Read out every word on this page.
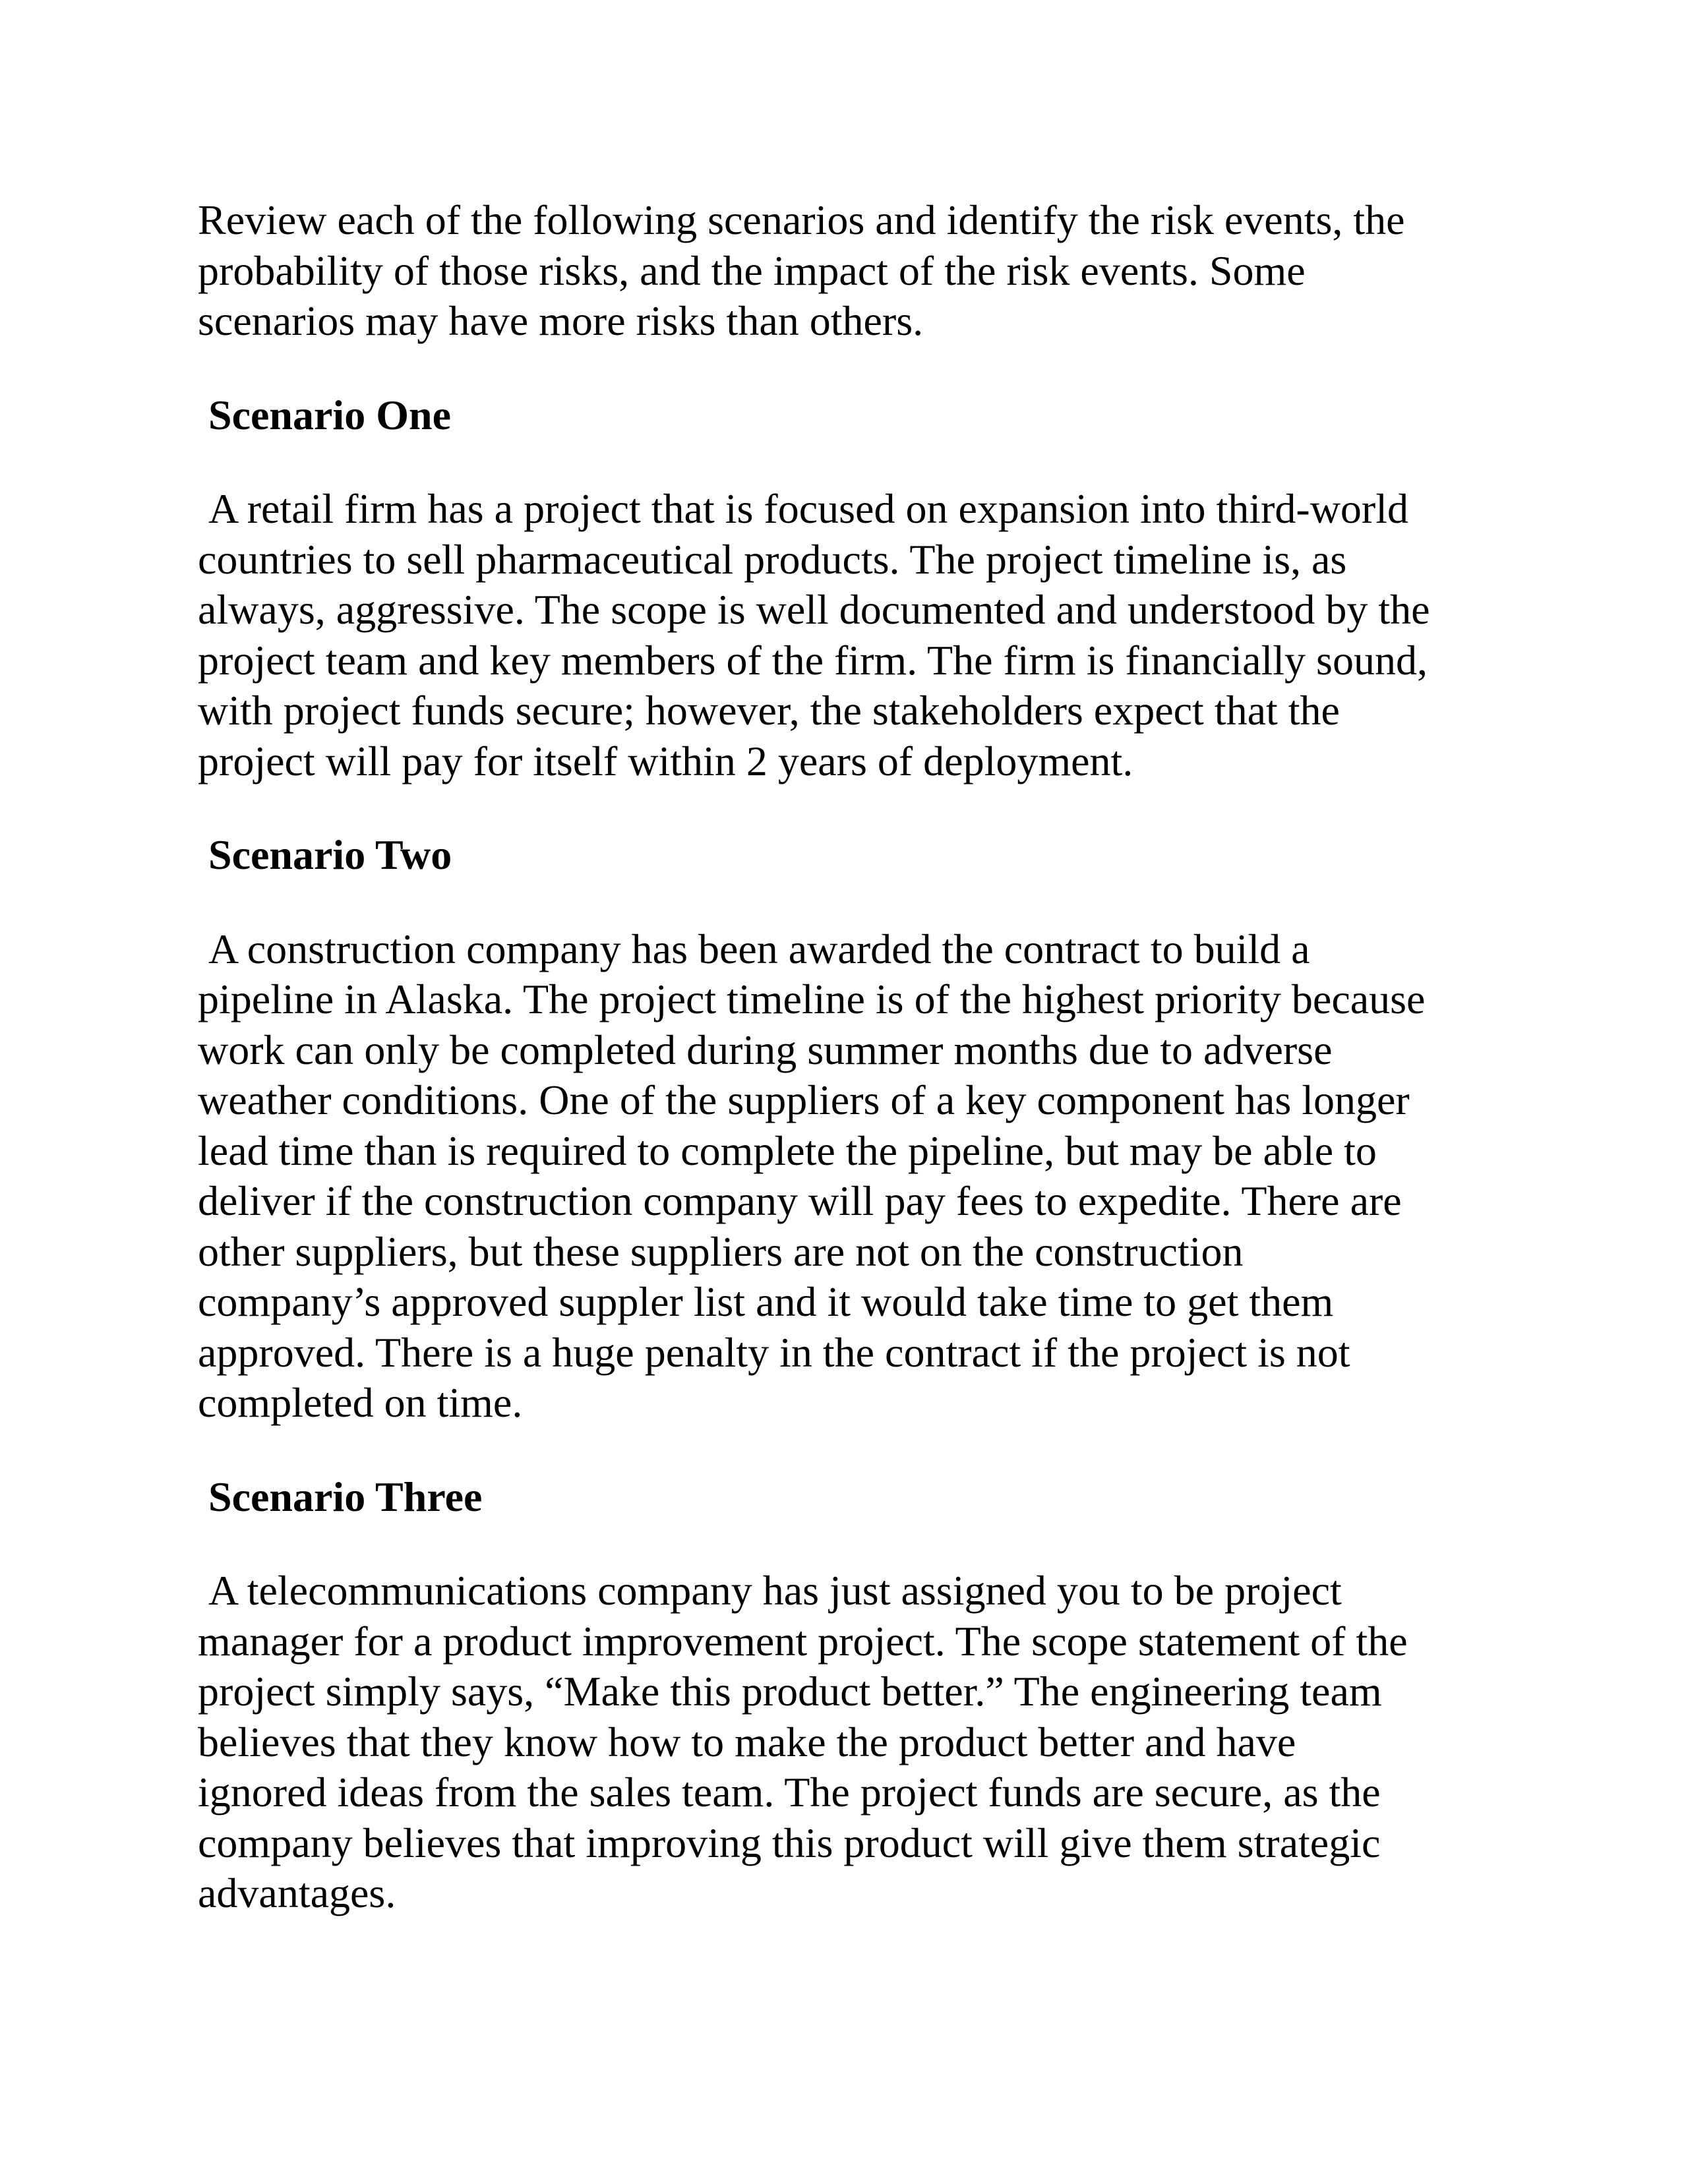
Review each of the following scenarios and identify the risk events, the
probability of those risks, and the impact of the risk events. Some
scenarios may have more risks than others.
Scenario One
A retail firm has a project that is focused on expansion into third-world
countries to sell pharmaceutical products. The project timeline is, as
always, aggressive. The scope is well documented and understood by the
project team and key members of the firm. The firm is financially sound,
with project funds secure; however, the stakeholders expect that the
project will pay for itself within 2 years of deployment.
Scenario Two
A construction company has been awarded the contract to build a
pipeline in Alaska. The project timeline is of the highest priority because
work can only be completed during summer months due to adverse
weather conditions. One of the suppliers of a key component has longer
lead time than is required to complete the pipeline, but may be able to
deliver if the construction company will pay fees to expedite. There are
other suppliers, but these suppliers are not on the construction
company’s approved suppler list and it would take time to get them
approved. There is a huge penalty in the contract if the project is not
completed on time.
Scenario Three
A telecommunications company has just assigned you to be project
manager for a product improvement project. The scope statement of the
project simply says, “Make this product better.” The engineering team
believes that they know how to make the product better and have
ignored ideas from the sales team. The project funds are secure, as the
company believes that improving this product will give them strategic
advantages.
